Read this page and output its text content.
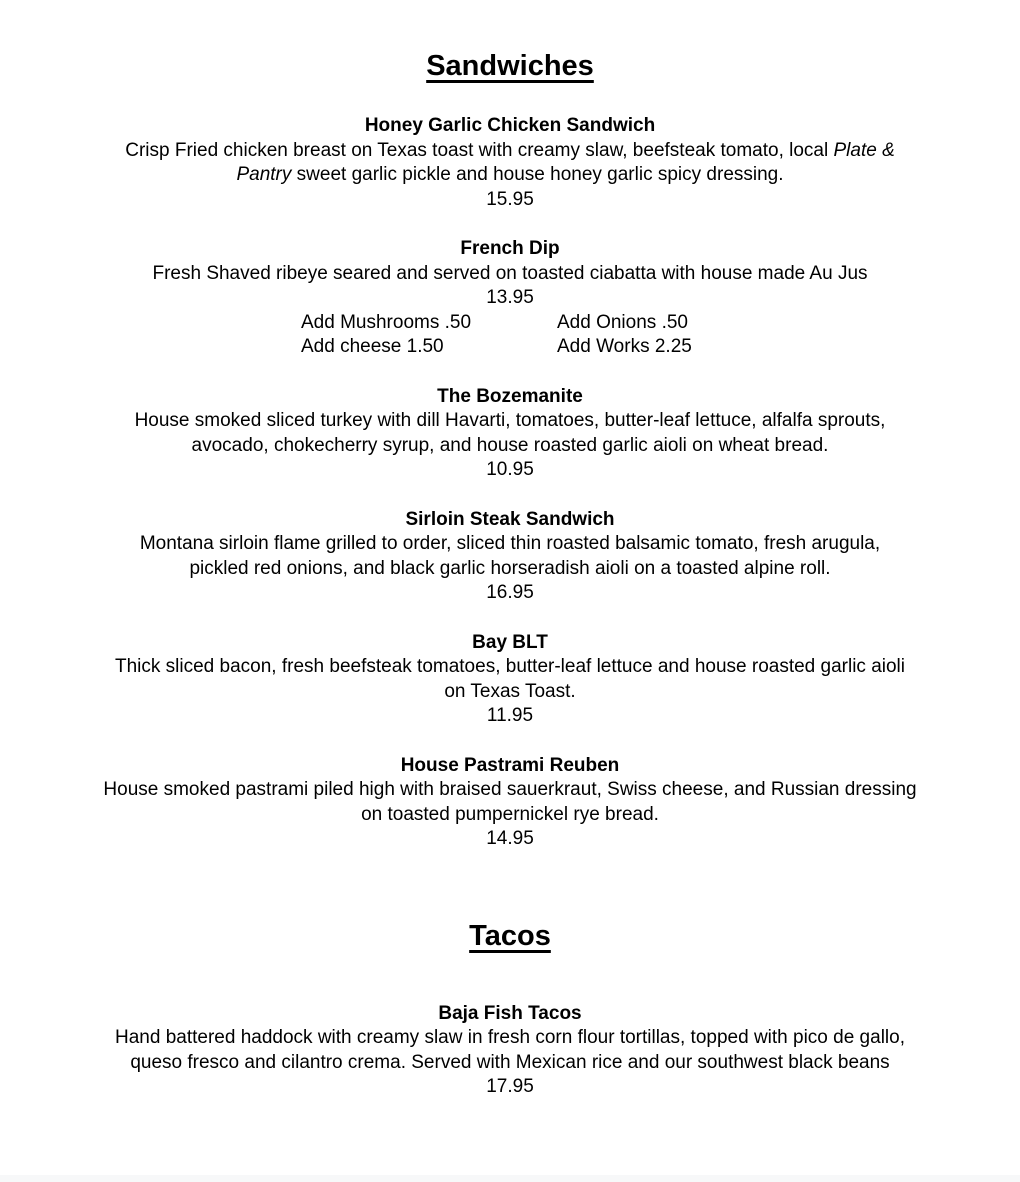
Sandwiches
Honey Garlic Chicken Sandwich
Crisp Fried chicken breast on Texas toast with creamy slaw, beefsteak tomato, local Plate &
Pantry sweet garlic pickle and house honey garlic spicy dressing.
15.95
French Dip
Fresh Shaved ribeye seared and served on toasted ciabatta with house made Au Jus
13.95
Add Mushrooms .50	Add Onions .50
Add cheese 1.50	Add Works 2.25
The Bozemanite
House smoked sliced turkey with dill Havarti, tomatoes, butter-leaf lettuce, alfalfa sprouts,
avocado, chokecherry syrup, and house roasted garlic aioli on wheat bread.
10.95
Sirloin Steak Sandwich
Montana sirloin flame grilled to order, sliced thin roasted balsamic tomato, fresh arugula,
pickled red onions, and black garlic horseradish aioli on a toasted alpine roll.
16.95
Bay BLT
Thick sliced bacon, fresh beefsteak tomatoes, butter-leaf lettuce and house roasted garlic aioli
on Texas Toast.
11.95
House Pastrami Reuben
House smoked pastrami piled high with braised sauerkraut, Swiss cheese, and Russian dressing
on toasted pumpernickel rye bread.
14.95
Tacos
Baja Fish Tacos
Hand battered haddock with creamy slaw in fresh corn flour tortillas, topped with pico de gallo,
queso fresco and cilantro crema. Served with Mexican rice and our southwest black beans
17.95
